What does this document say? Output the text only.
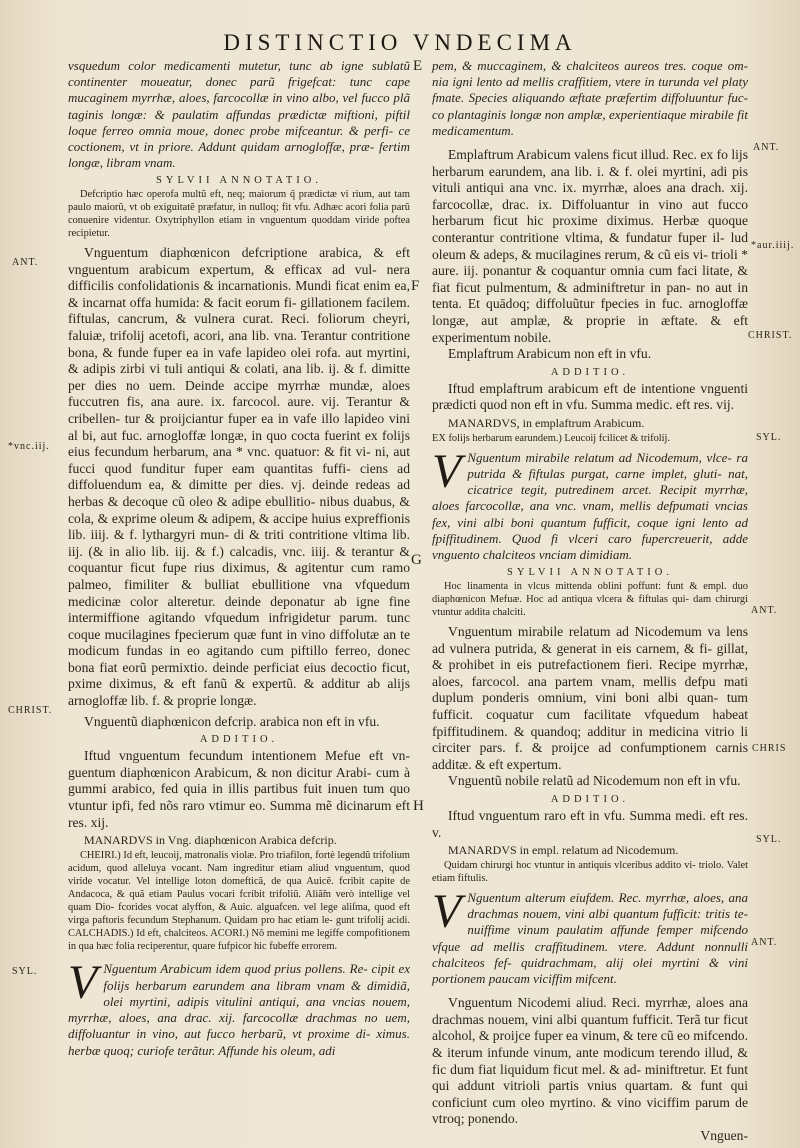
DISTINCTIO VNDECIMA
E
F
G
H
ANT.
*vnc.iij.
CHRIST.
SYL.
ANT.
*aur.iiij.
CHRIST.
SYL.
ANT.
CHRIS
SYL.
ANT.
vsquedum color medicamenti mutetur, tunc ab igne sublatũ continenter moueatur, donec parũ frigefcat: tunc cape mucaginem myrrhæ, aloes, farcocollæ in vino albo, vel fucco plã taginis longæ: & paulatim affundas prædictæ miftioni, piftil loque ferreo omnia moue, donec probe mifceantur. & perfi- ce coctionem, vt in priore. Addunt quidam arnogloffæ, præ- fertim longæ, libram vnam.
SYLVII ANNOTATIO.
Defcriptio hæc operofa multũ eft, neq; maiorum q̃ prædictæ vi rium, aut tam paulo maiorũ, vt ob exiguitatẽ præfatur, in nulloq; fit vfu. Adhæc acori folia parũ conuenire videntur. Oxytriphyllon etiam in vnguentum quoddam viride poftea recipietur.
Vnguentum diaphœnicon defcriptione arabica, & eft vnguentum arabicum expertum, & efficax ad vul- nera difficilis confolidationis & incarnationis. Mundi ficat enim ea, & incarnat offa humida: & facit eorum fi- gillationem facilem. fiftulas, cancrum, & vulnera curat. Reci. foliorum cheyri, faluiæ, trifolij acetofi, acori, ana lib. vna. Terantur contritione bona, & funde fuper ea in vafe lapideo olei rofa. aut myrtini, & adipis zirbi vi tuli antiqui & colati, ana lib. ij. & f. dimitte per dies no uem. Deinde accipe myrrhæ mundæ, aloes fuccutren fis, ana aure. ix. farcocol. aure. vij. Terantur & cribellen- tur & proijciantur fuper ea in vafe illo lapideo vini al bi, aut fuc. arnogloffæ longæ, in quo cocta fuerint ex folijs eius fecundum herbarum, ana * vnc. quatuor: & fit vi- ni, aut fucci quod funditur fuper eam quantitas fuffi- ciens ad diffoluendum ea, & dimitte per dies. vj. deinde redeas ad herbas & decoque cũ oleo & adipe ebullitio- nibus duabus, & cola, & exprime oleum & adipem, & accipe huius expreffionis lib. iiij. & f. lythargyri mun- di & triti contritione vltima lib. iij. (& in alio lib. iij. & f.) calcadis, vnc. iiij. & terantur & coquantur ficut fupe rius diximus, & agitentur cum ramo palmeo, fimiliter & bulliat ebullitione vna vfquedum medicinæ color alteretur. deinde deponatur ab igne fine intermiffione agitando vfquedum infrigidetur parum. tunc coque mucilagines fpecierum quæ funt in vino diffolutæ an te modicum fundas in eo agitando cum piftillo ferreo, donec bona fiat eorũ permixtio. deinde perficiat eius decoctio ficut, pxime diximus, & eft fanũ & expertũ. & additur ab alijs arnogloffæ lib. f. & proprie longæ.
Vnguentũ diaphœnicon defcrip. arabica non eft in vfu.
ADDITIO.
Iftud vnguentum fecundum intentionem Mefue eft vn- guentum diaphœnicon Arabicum, & non dicitur Arabi- cum à gummi arabico, fed quia in illis partibus fuit inuen tum quo vtuntur ipfi, fed nõs raro vtimur eo. Summa mẽ dicinarum eft res. xij.
MANARDVS in Vng. diaphœnicon Arabica defcrip.
CHEIRI.) Id eft, leucoij, matronalis violæ. Pro triafilon, fortè legendũ trifolium acidum, quod alleluya vocant. Nam ingreditur etiam aliud vnguentum, quod viride vocatur. Vel intellige loton domefticã, de qua Auicẽ. fcribit capite de Andacoca, & quã etiam Paulus vocari fcribit trifoliũ. Aliã̃m verò intellige vel quam Dio- fcorides vocat alyffon, & Auic. alguafcen. vel lege aliſma, quod eft virga paftoris fecundum Stephanum. Quidam pro hac etiam le- gunt trifolij acidi. CALCHADIS.) Id eft, chalciteos. ACORI.) Nõ memini me legiffe compofitionem in qua hæc folia reciperentur, quare fufpicor hic fubeffe errorem.
V Nguentum Arabicum idem quod prius pollens. Re- cipit ex folijs herbarum earundem ana libram vnam & dimidiã, olei myrtini, adipis vitulini antiqui, ana vncias nouem, myrrhæ, aloes, ana drac. xij. farcocollæ drachmas no uem, diffoluantur in vino, aut fucco herbarũ, vt proxime di- ximus. herbæ quoq; curiofe terãtur. Affunde his oleum, adi
pem, & muccaginem, & chalciteos aureos tres. coque om- nia igni lento ad mellis craffitiem, vtere in turunda vel platy fmate. Species aliquando æftate præfertim diffoluuntur fuc- co plantaginis longæ non amplæ, experientiaque mirabile fit medicamentum.
Emplaftrum Arabicum valens ficut illud. Rec. ex fo lijs herbarum earundem, ana lib. i. & f. olei myrtini, adi pis vituli antiqui ana vnc. ix. myrrhæ, aloes ana drach. xij. farcocollæ, drac. ix. Diffoluantur in vino aut fucco herbarum ficut hic proxime diximus. Herbæ quoque conterantur contritione vltima, & fundatur fuper il- lud oleum & adeps, & mucilagines rerum, & cũ eis vi- trioli * aure. iij. ponantur & coquantur omnia cum faci litate, & fiat ficut pulmentum, & adminiftretur in pan- no aut in tenta. Et quādoq; diffoluũtur fpecies in fuc. arnogloffæ longæ, aut amplæ, & proprie in æftate. & eft experimentum nobile.
Emplaftrum Arabicum non eft in vfu.
ADDITIO.
Iftud emplaftrum arabicum eft de intentione vnguenti prædicti quod non eft in vfu. Summa medic. eft res. vij.
MANARDVS, in emplaftrum Arabicum.
EX folijs herbarum earundem.) Leucoij fcilicet & trifolij.
V Nguentum mirabile relatum ad Nicodemum, vlce- ra putrida & fiftulas purgat, carne implet, gluti- nat, cicatrice tegit, putredinem arcet. Recipit myrrhæ, aloes farcocollæ, ana vnc. vnam, mellis defpumati vncias fex, vini albi boni quantum fufficit, coque igni lento ad fpiffitudinem. Quod fi vlceri caro fupercreuerit, adde vnguento chalciteos vnciam dimidiam.
SYLVII ANNOTATIO.
Hoc linamenta in vlcus mittenda oblini poffunt: funt & empl. duo diaphœnicon Mefuæ. Hoc ad antiqua vlcera & fiftulas qui- dam chirurgi vtuntur addita chalciti.
Vnguentum mirabile relatum ad Nicodemum va lens ad vulnera putrida, & generat in eis carnem, & fi- gillat, & prohibet in eis putrefactionem fieri. Recipe myrrhæ, aloes, farcocol. ana partem vnam, mellis defpu mati duplum ponderis omnium, vini boni albi quan- tum fufficit. coquatur cum facilitate vfquedum habeat fpiffitudinem. & quandoq; additur in medicina vitrio li circiter pars. f. & proijce ad confumptionem carnis additæ. & eft expertum.
Vnguentũ nobile relatũ ad Nicodemum non eft in vfu.
ADDITIO.
Iftud vnguentum raro eft in vfu. Summa medi. eft res. v.
MANARDVS in empl. relatum ad Nicodemum.
Quidam chirurgi hoc vtuntur in antiquis vlceribus addito vi- triolo. Valet etiam fiftulis.
V Nguentum alterum eiufdem. Rec. myrrhæ, aloes, ana drachmas nouem, vini albi quantum fufficit: tritis te- nuiffime vinum paulatim affunde femper mifcendo vfque ad mellis craffitudinem. vtere. Addunt nonnulli chalciteos fef- quidrachmam, alij olei myrtini & vini portionem paucam viciffim mifcent.
Vnguentum Nicodemi aliud. Reci. myrrhæ, aloes ana drachmas nouem, vini albi quantum fufficit. Terã tur ficut alcohol, & proijce fuper ea vinum, & tere cũ eo mifcendo. & iterum infunde vinum, ante modicum terendo illud, & fic dum fiat liquidum ficut mel. & ad- miniftretur. Et funt qui addunt vitrioli partis vnius quartam. & funt qui conficiunt cum oleo myrtino. & vino viciffim parum de vtroq; ponendo.
Vnguen-
